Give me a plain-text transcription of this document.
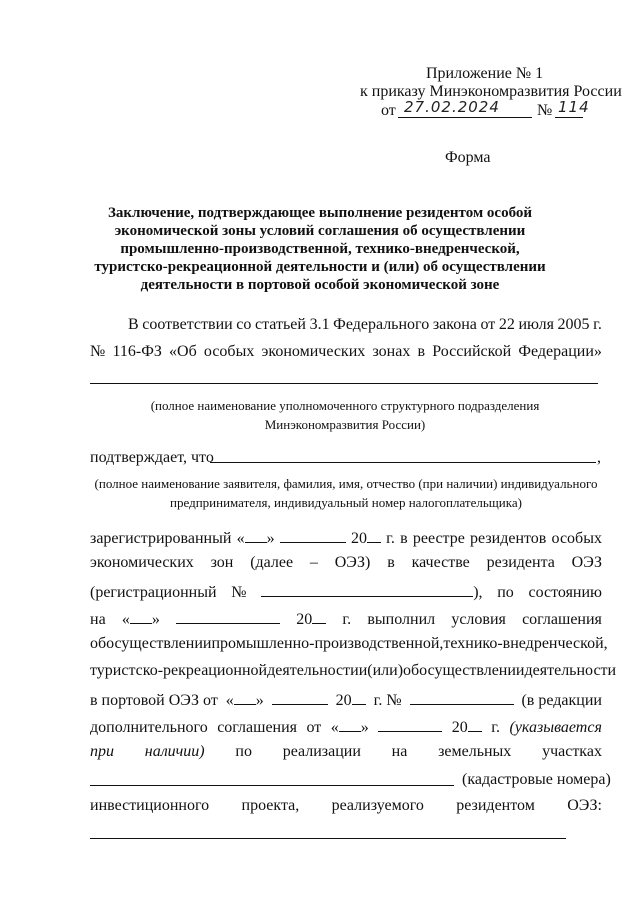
Приложение № 1
к приказу Минэкономразвития России
от 27.02.2024 № 114
Форма
Заключение, подтверждающее выполнение резидентом особой
экономической зоны условий соглашения об осуществлении
промышленно-производственной, технико-внедренческой,
туристско-рекреационной деятельности и (или) об осуществлении
деятельности в портовой особой экономической зоне
В соответствии со статьей 3.1 Федерального закона от 22 июля 2005 г.
№ 116-ФЗ «Об особых экономических зонах в Российской Федерации»
(полное наименование уполномоченного структурного подразделения
Минэкономразвития России)
подтверждает, что	,
(полное наименование заявителя, фамилия, имя, отчество (при наличии) индивидуального
предпринимателя, индивидуальный номер налогоплательщика)
зарегистрированный « »	20	г. в реестре резидентов особых
экономических зон (далее – ОЭЗ) в качестве резидента ОЭЗ
(регистрационный №	), по состоянию
на « »	20	г. выполнил условия соглашения
об осуществлении промышленно-производственной, технико-внедренческой,
туристско-рекреационной деятельности и (или) об осуществлении деятельности
в портовой ОЭЗ от « »	20	г. №	(в редакции
дополнительного соглашения от « »	20	г. (указывается
при наличии) по реализации на земельных участках
(кадастровые номера)
инвестиционного проекта, реализуемого резидентом ОЭЗ:
